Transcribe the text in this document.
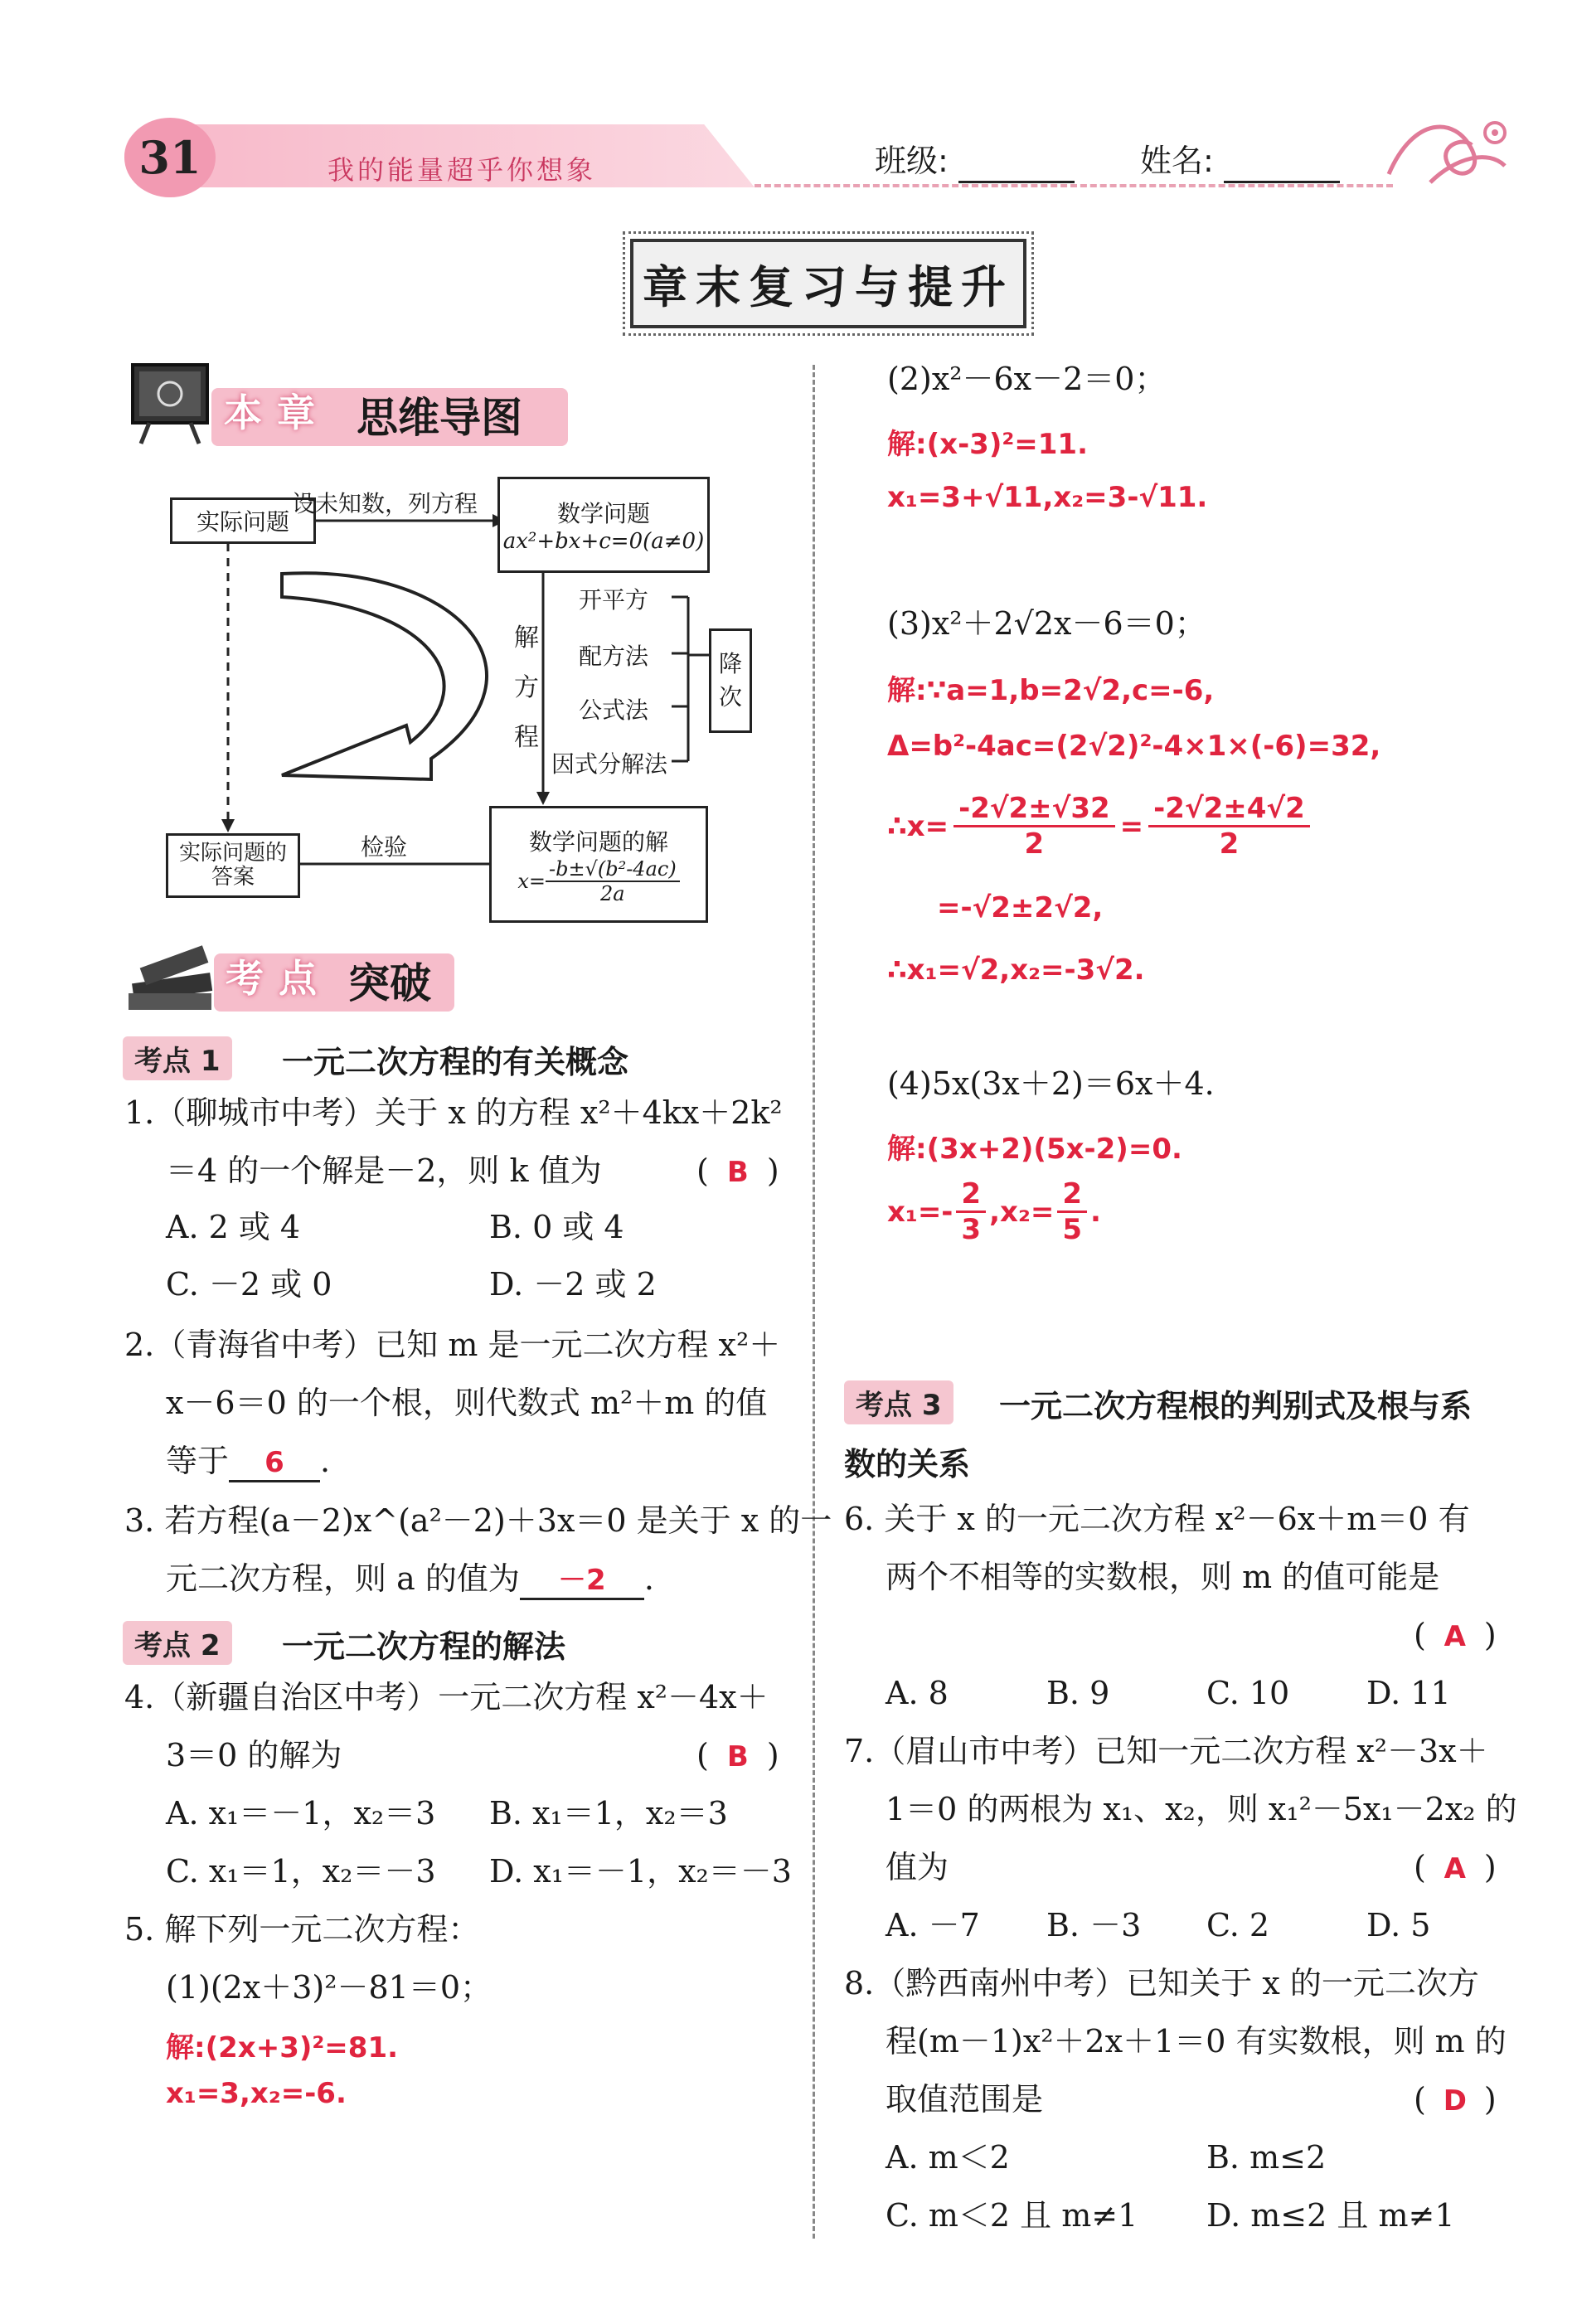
31	我的能量超乎你想象	班级:	姓名:
章末复习与提升
本章 思维导图
实际问题
设未知数，列方程	数学问题
ax²+bx+c=0(a≠0)
解方程
开平方
配方法
公式法
因式分解法
降次
数学问题的解
$x= \frac{\text{-b±√(b²-4ac)}}{2a}$
检验
实际问题的答案
考点 突破
考点 1	一元二次方程的有关概念
1.（聊城市中考）关于 x 的方程 x²＋4kx＋2k²
＝4 的一个解是－2，则 k 值为	( B )
A. 2 或 4	B. 0 或 4
C. －2 或 0	D. －2 或 2
2.（青海省中考）已知 m 是一元二次方程 x²＋
x－6＝0 的一个根，则代数式 m²＋m 的值
等于 6 .
3. 若方程(a－2)x^(a²－2)＋3x＝0 是关于 x 的一
元二次方程，则 a 的值为 －2 .
考点 2	一元二次方程的解法
4.（新疆自治区中考）一元二次方程 x²－4x＋
3＝0 的解为	( B )
A. x₁＝－1，x₂＝3 B. x₁＝1，x₂＝3
C. x₁＝1，x₂＝－3 D. x₁＝－1，x₂＝－3
5. 解下列一元二次方程：
(1)(2x＋3)²－81＝0；
解:(2x+3)²=81.
x₁=3,x₂=-6.
(2)x²－6x－2＝0；
解:(x-3)²=11.
x₁=3+√11,x₂=3-√11.
(3)x²＋2√2x－6＝0；
解:∵a=1,b=2√2,c=-6,
Δ=b²-4ac=(2√2)²-4×1×(-6)=32,
∴x= $\frac{-2√2\pm√32}{2} = \frac{-2√2\pm 4√2}{2}$
=-√2±2√2,
∴x₁=√2,x₂=-3√2.
(4)5x(3x＋2)＝6x＋4.
解:(3x+2)(5x-2)=0.
$x_1=- \frac{2}{3} ,x_2= \frac{2}{5}$ .
考点 3	一元二次方程根的判别式及根与系
数的关系
6. 关于 x 的一元二次方程 x²－6x＋m＝0 有
两个不相等的实数根，则 m 的值可能是
( A )
A. 8	B. 9	C. 10 D. 11
7.（眉山市中考）已知一元二次方程 x²－3x＋
1＝0 的两根为 x₁、x₂，则 x₁²－5x₁－2x₂ 的
值为	( A )
A. －7 B. －3 C. 2	D. 5
8.（黔西南州中考）已知关于 x 的一元二次方
程(m－1)x²＋2x＋1＝0 有实数根，则 m 的
取值范围是	( D )
A. m＜2	B. m≤2
C. m＜2 且 m≠1 D. m≤2 且 m≠1
